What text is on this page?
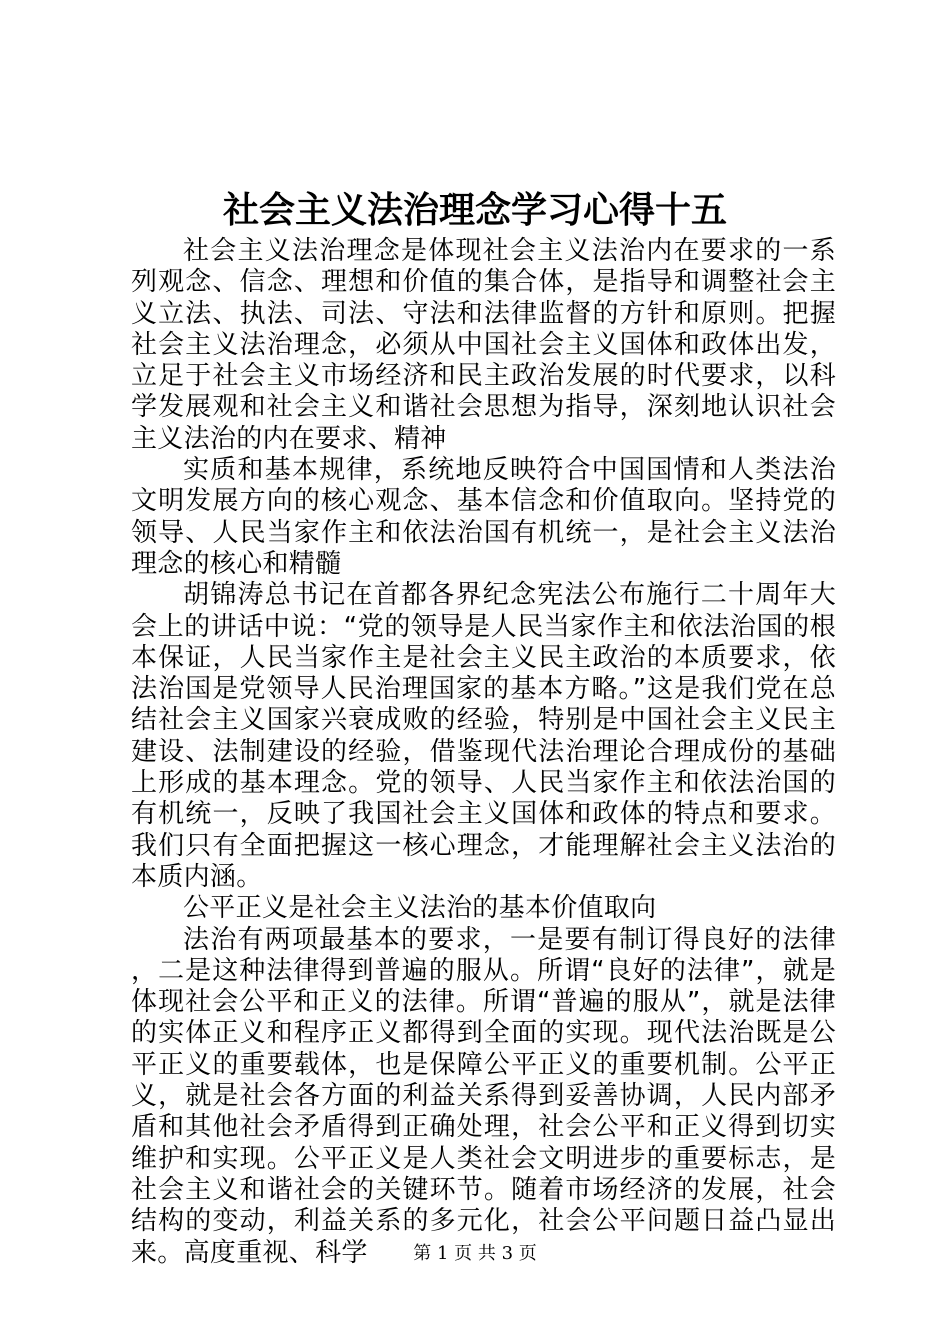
社会主义法治理念学习心得十五

社会主义法治理念是体现社会主义法治内在要求的一系列观念、信念、理想和价值的集合体，是指导和调整社会主义立法、执法、司法、守法和法律监督的方针和原则。把握社会主义法治理念，必须从中国社会主义国体和政体出发，立足于社会主义市场经济和民主政治发展的时代要求，以科学发展观和社会主义和谐社会思想为指导，深刻地认识社会主义法治的内在要求、精神

实质和基本规律，系统地反映符合中国国情和人类法治文明发展方向的核心观念、基本信念和价值取向。坚持党的领导、人民当家作主和依法治国有机统一，是社会主义法治理念的核心和精髓

胡锦涛总书记在首都各界纪念宪法公布施行二十周年大会上的讲话中说：“党的领导是人民当家作主和依法治国的根本保证，人民当家作主是社会主义民主政治的本质要求，依法治国是党领导人民治理国家的基本方略。”这是我们党在总结社会主义国家兴衰成败的经验，特别是中国社会主义民主建设、法制建设的经验，借鉴现代法治理论合理成份的基础上形成的基本理念。党的领导、人民当家作主和依法治国的有机统一，反映了我国社会主义国体和政体的特点和要求。我们只有全面把握这一核心理念，才能理解社会主义法治的本质内涵。

公平正义是社会主义法治的基本价值取向

法治有两项最基本的要求，一是要有制订得良好的法律，二是这种法律得到普遍的服从。所谓“良好的法律”，就是体现社会公平和正义的法律。所谓“普遍的服从”，就是法律的实体正义和程序正义都得到全面的实现。现代法治既是公平正义的重要载体，也是保障公平正义的重要机制。公平正义，就是社会各方面的利益关系得到妥善协调，人民内部矛盾和其他社会矛盾得到正确处理，社会公平和正义得到切实维护和实现。公平正义是人类社会文明进步的重要标志，是社会主义和谐社会的关键环节。随着市场经济的发展，社会结构的变动，利益关系的多元化，社会公平问题日益凸显出来。高度重视、科学	第 1 页 共 3 页
